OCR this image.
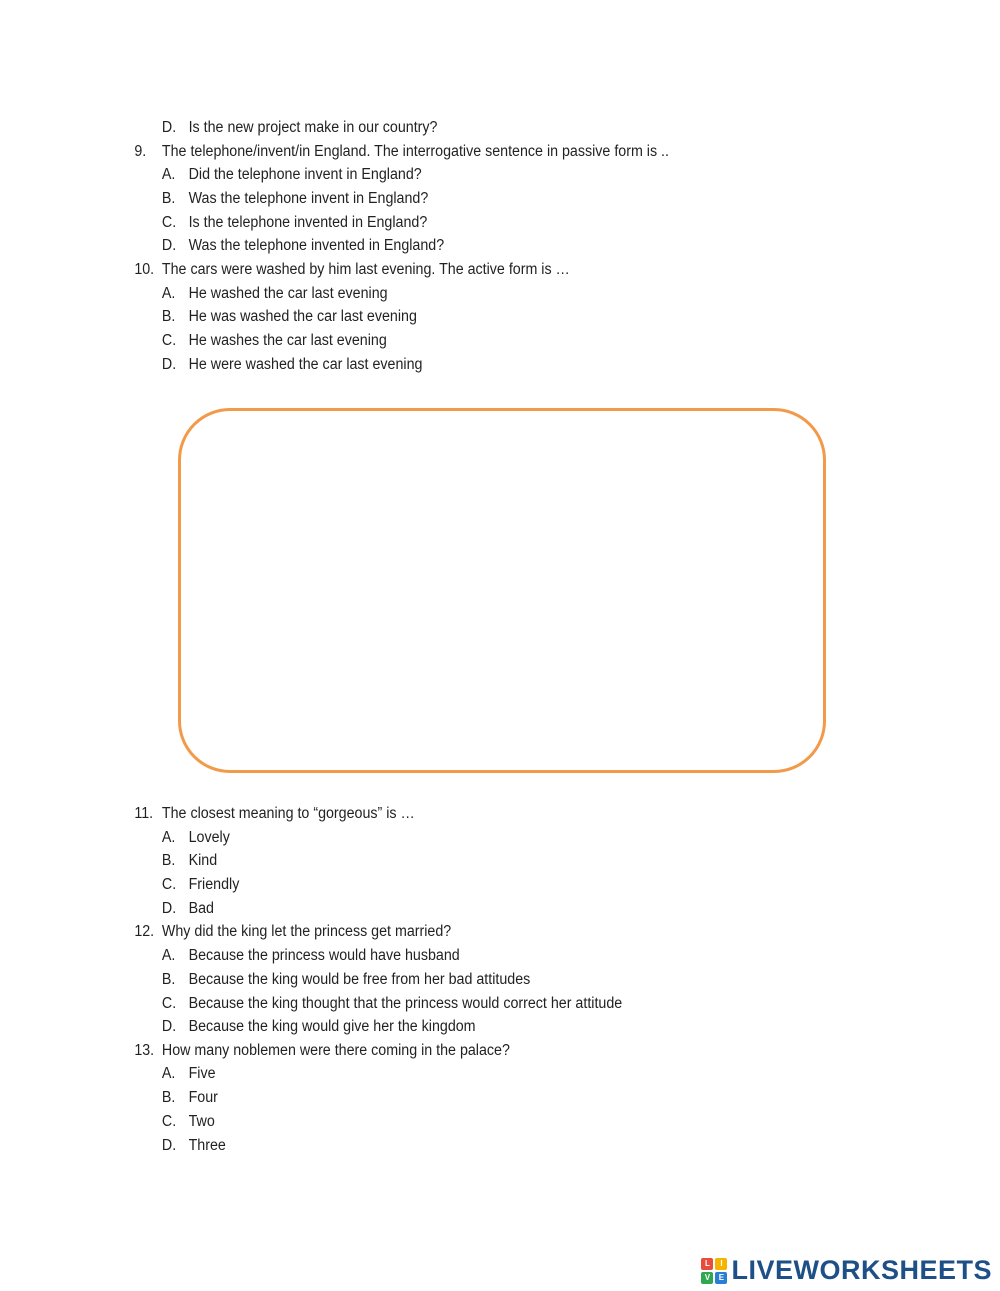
D. Is the new project make in our country?
9. The telephone/invent/in England. The interrogative sentence in passive form is ..
A. Did the telephone invent in England?
B. Was the telephone invent in England?
C. Is the telephone invented in England?
D. Was the telephone invented in England?
10. The cars were washed by him last evening. The active form is …
A. He washed the car last evening
B. He was washed the car last evening
C. He washes the car last evening
D. He were washed the car last evening
11. The closest meaning to “gorgeous” is …
A. Lovely
B. Kind
C. Friendly
D. Bad
12. Why did the king let the princess get married?
A. Because the princess would have husband
B. Because the king would be free from her bad attitudes
C. Because the king thought that the princess would correct her attitude
D. Because the king would give her the kingdom
13. How many noblemen were there coming in the palace?
A. Five
B. Four
C. Two
D. Three
L	I
V	E LIVEWORKSHEETS
